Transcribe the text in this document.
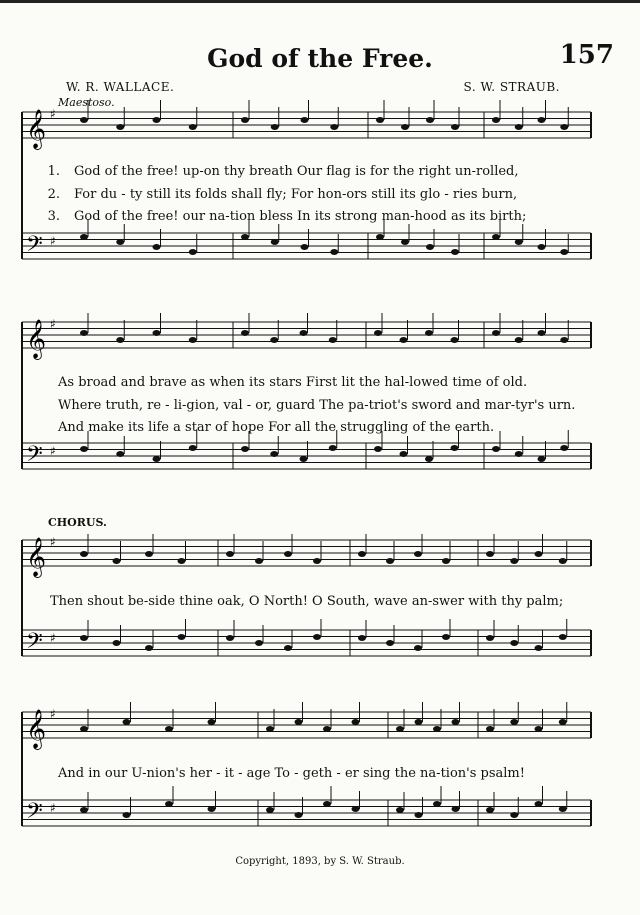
God of the Free.	157
W. R. WALLACE.	S. W. STRAUB.
Maestoso.
𝄞 ♯
𝄢 ♯
𝄞 ♯
𝄢 ♯
𝄞 ♯
𝄢 ♯
𝄞 ♯
𝄢 ♯
1. God of the free! up-on thy breath Our flag is for the right un-rolled,
2. For du - ty still its folds shall fly; For hon-ors still its glo - ries burn,
3. God of the free! our na-tion bless In its strong man-hood as its birth;
As broad and brave as when its stars First lit the hal-lowed time of old.
Where truth, re - li-gion, val - or, guard The pa-triot's sword and mar-tyr's urn.
And make its life a star of hope For all the struggling of the earth.
CHORUS.
Then shout be-side thine oak, O North! O South, wave an-swer with thy palm;
And in our U-nion's her - it - age To - geth - er sing the na-tion's psalm!
Copyright, 1893, by S. W. Straub.
